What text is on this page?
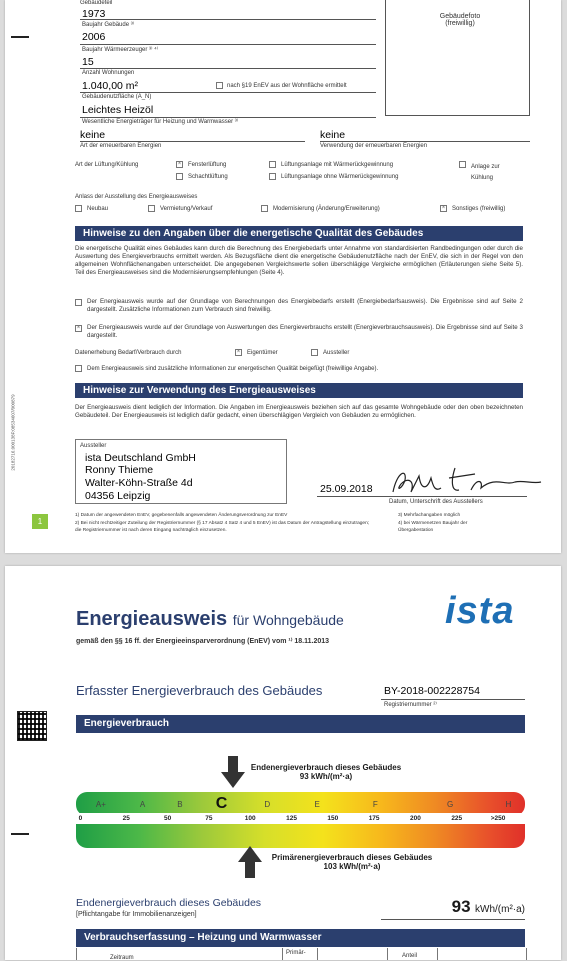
Gebäudeteil
1973
Baujahr Gebäude ³⁾
2006
Baujahr Wärmeerzeuger ³⁾ ⁴⁾
15
Anzahl Wohnungen
1.040,00 m²	nach §19 EnEV aus der Wohnfläche ermittelt
Gebäudenutzfläche (A_N)
Leichtes Heizöl
Wesentliche Energieträger für Heizung und Warmwasser ³⁾
Gebäudefoto (freiwillig)
keine
Art der erneuerbaren Energien
keine
Verwendung der erneuerbaren Energien
Art der Lüftung/Kühlung	× Fensterlüftung
Schachtlüftung
Lüftungsanlage mit Wärmerückgewinnung
Lüftungsanlage ohne Wärmerückgewinnung
Anlage zur Kühlung
Anlass der Ausstellung des Energieausweises
Neubau	Vermietung/Verkauf	Modernisierung (Änderung/Erweiterung)	× Sonstiges (freiwillig)
Hinweise zu den Angaben über die energetische Qualität des Gebäudes
Die energetische Qualität eines Gebäudes kann durch die Berechnung des Energiebedarfs unter Annahme von standardisierten Randbedingungen oder durch die Auswertung des Energieverbrauchs ermittelt werden. Als Bezugsfläche dient die energetische Gebäudenutzfläche nach der EnEV, die sich in der Regel von den allgemeinen Wohnflächenangaben unterscheidet. Die angegebenen Vergleichswerte sollen überschlägige Vergleiche ermöglichen (Erläuterungen siehe Seite 5). Teil des Energieausweises sind die Modernisierungsempfehlungen (Seite 4).
Der Energieausweis wurde auf der Grundlage von Berechnungen des Energiebedarfs erstellt (Energiebedarfsausweis). Die Ergebnisse sind auf Seite 2 dargestellt. Zusätzliche Informationen zum Verbrauch sind freiwillig.
× Der Energieausweis wurde auf der Grundlage von Auswertungen des Energieverbrauchs erstellt (Energieverbrauchsausweis). Die Ergebnisse sind auf Seite 3 dargestellt.
Datenerhebung Bedarf/Verbrauch durch	× Eigentümer	Aussteller
Dem Energieausweis sind zusätzliche Informationen zur energetischen Qualität beigefügt (freiwillige Angabe).
Hinweise zur Verwendung des Energieausweises
Der Energieausweis dient lediglich der Information. Die Angaben im Energieausweis beziehen sich auf das gesamte Wohngebäude oder den oben bezeichneten Gebäudeteil. Der Energieausweis ist lediglich dafür gedacht, einen überschlägigen Vergleich von Gebäuden zu ermöglichen.
20182716.000138P.08534607/000879	Aussteller
ista Deutschland GmbH
Ronny Thieme
Walter-Köhn-Straße 4d
04356 Leipzig
25.09.2018
Datum, Unterschrift des Ausstellers
1
1) Datum der angewendeten EnEV, gegebenenfalls angewendeten Änderungsverordnung zur EnEV
2) Bei nicht rechtzeitiger Zuteilung der Registriernummer (§ 17 Absatz 4 Satz 4 und 5 EnEV) ist das Datum der Antragstellung einzutragen; die Registriernummer ist nach deren Eingang nachträglich einzusetzen.
3) Mehrfachangaben möglich
4) bei Wärmenetzen Baujahr der Übergabestation
Energieausweis für Wohngebäude
gemäß den §§ 16 ff. der Energieeinsparverordnung (EnEV) vom ¹⁾ 18.11.2013
ista
Erfasster Energieverbrauch des Gebäudes	BY-2018-002228754
Registriernummer ²⁾
Energieverbrauch
Endenergieverbrauch dieses Gebäudes
93 kWh/(m²·a)
A+	A	B	C	D	E	F	G	H
0	25	50	75	100	125	150	175	200	225	>250
Primärenergieverbrauch dieses Gebäudes
103 kWh/(m²·a)
Endenergieverbrauch dieses Gebäudes
[Pflichtangabe für Immobilienanzeigen]	93 kWh/(m²·a)
Verbrauchserfassung – Heizung und Warmwasser
Zeitraum
Primär-	Anteil
